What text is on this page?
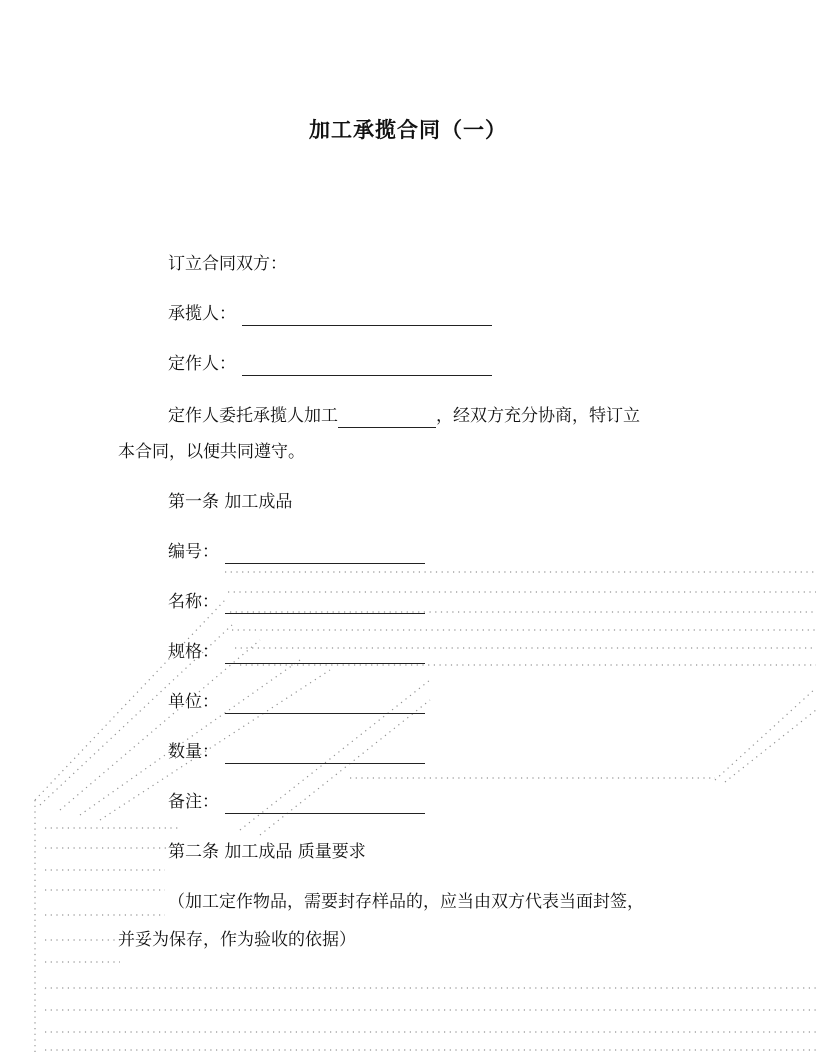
加工承揽合同（一）
订立合同双方：
承揽人：
定作人：
定作人委托承揽人加工	，经双方充分协商，特订立
本合同，以便共同遵守。
第一条 加工成品
编号：
名称：
规格：
单位：
数量：
备注：
第二条 加工成品 质量要求
（加工定作物品，需要封存样品的，应当由双方代表当面封签，
并妥为保存，作为验收的依据）
